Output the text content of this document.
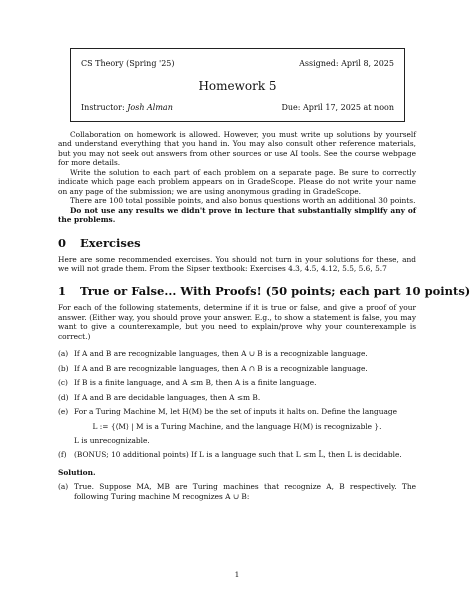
CS Theory (Spring '25)	Assigned: April 8, 2025
Homework 5
Instructor: Josh Alman	Due: April 17, 2025 at noon

Collaboration on homework is allowed. However, you must write up solutions by yourself and understand everything that you hand in. You may also consult other reference materials, but you may not seek out answers from other sources or use AI tools. See the course webpage for more details.

Write the solution to each part of each problem on a separate page. Be sure to correctly indicate which page each problem appears on in GradeScope. Please do not write your name on any page of the submission; we are using anonymous grading in GradeScope.

There are 100 total possible points, and also bonus questions worth an additional 30 points.

Do not use any results we didn't prove in lecture that substantially simplify any of the problems.

0 Exercises

Here are some recommended exercises. You should not turn in your solutions for these, and we will not grade them. From the Sipser textbook: Exercises 4.3, 4.5, 4.12, 5.5, 5.6, 5.7

1 True or False... With Proofs! (50 points; each part 10 points)

For each of the following statements, determine if it is true or false, and give a proof of your answer. (Either way, you should prove your answer. E.g., to show a statement is false, you may want to give a counterexample, but you need to explain/prove why your counterexample is correct.)

(a) If A and B are recognizable languages, then A ∪ B is a recognizable language.
(b) If A and B are recognizable languages, then A ∩ B is a recognizable language.
(c) If B is a finite language, and A ≤m B, then A is a finite language.
(d) If A and B are decidable languages, then A ≤m B.
(e) For a Turing Machine M, let H(M) be the set of inputs it halts on. Define the language
L := {⟨M⟩ | M is a Turing Machine, and the language H(M) is recognizable }.
L is unrecognizable.
(f)	(BONUS; 10 additional points) If L is a language such that L ≤m L̄, then L is decidable.

Solution.

(a) True. Suppose MA, MB are Turing machines that recognize A, B respectively. The following Turing machine M recognizes A ∪ B:
1
